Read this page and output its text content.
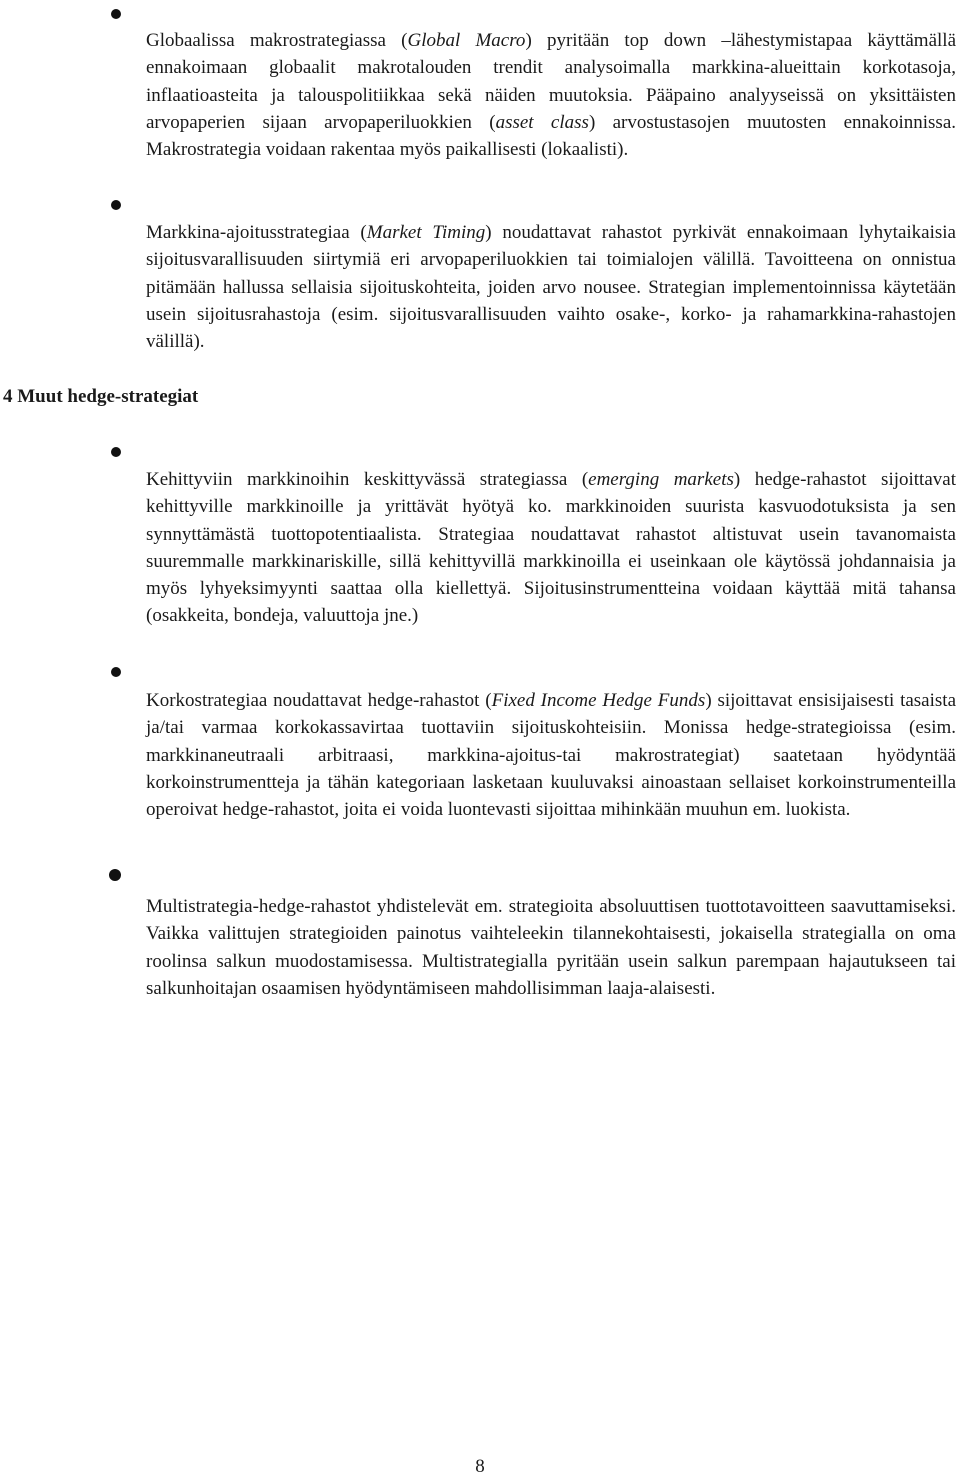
Globaalissa makrostrategiassa (Global Macro) pyritään top down –lähestymistapaa käyttämällä ennakoimaan globaalit makrotalouden trendit analysoimalla markkina-alueittain korkotasoja, inflaatioasteita ja talouspolitiikkaa sekä näiden muutoksia. Pääpaino analyyseissä on yksittäisten arvopaperien sijaan arvopaperiluokkien (asset class) arvostustasojen muutosten ennakoinnissa. Makrostrategia voidaan rakentaa myös paikallisesti (lokaalisti).

Markkina-ajoitusstrategiaa (Market Timing) noudattavat rahastot pyrkivät ennakoimaan lyhytaikaisia sijoitusvarallisuuden siirtymiä eri arvopaperiluokkien tai toimialojen välillä. Tavoitteena on onnistua pitämään hallussa sellaisia sijoituskohteita, joiden arvo nousee. Strategian implementoinnissa käytetään usein sijoitusrahastoja (esim. sijoitusvarallisuuden vaihto osake-, korko- ja rahamarkkina-rahastojen välillä).

4 Muut hedge-strategiat

Kehittyviin markkinoihin keskittyvässä strategiassa (emerging markets) hedge-rahastot sijoittavat kehittyville markkinoille ja yrittävät hyötyä ko. markkinoiden suurista kasvuodotuksista ja sen synnyttämästä tuottopotentiaalista. Strategiaa noudattavat rahastot altistuvat usein tavanomaista suuremmalle markkinariskille, sillä kehittyvillä markkinoilla ei useinkaan ole käytössä johdannaisia ja myös lyhyeksimyynti saattaa olla kiellettyä. Sijoitusinstrumentteina voidaan käyttää mitä tahansa (osakkeita, bondeja, valuuttoja jne.)

Korkostrategiaa noudattavat hedge-rahastot (Fixed Income Hedge Funds) sijoittavat ensisijaisesti tasaista ja/tai varmaa korkokassavirtaa tuottaviin sijoituskohteisiin. Monissa hedge-strategioissa (esim. markkinaneutraali arbitraasi, markkina-ajoitus-tai makrostrategiat) saatetaan hyödyntää korkoinstrumentteja ja tähän kategoriaan lasketaan kuuluvaksi ainoastaan sellaiset korkoinstrumenteilla operoivat hedge-rahastot, joita ei voida luontevasti sijoittaa mihinkään muuhun em. luokista.

Multistrategia-hedge-rahastot yhdistelevät em. strategioita absoluuttisen tuottotavoitteen saavuttamiseksi. Vaikka valittujen strategioiden painotus vaihteleekin tilannekohtaisesti, jokaisella strategialla on oma roolinsa salkun muodostamisessa. Multistrategialla pyritään usein salkun parempaan hajautukseen tai salkunhoitajan osaamisen hyödyntämiseen mahdollisimman laaja-alaisesti.

8
